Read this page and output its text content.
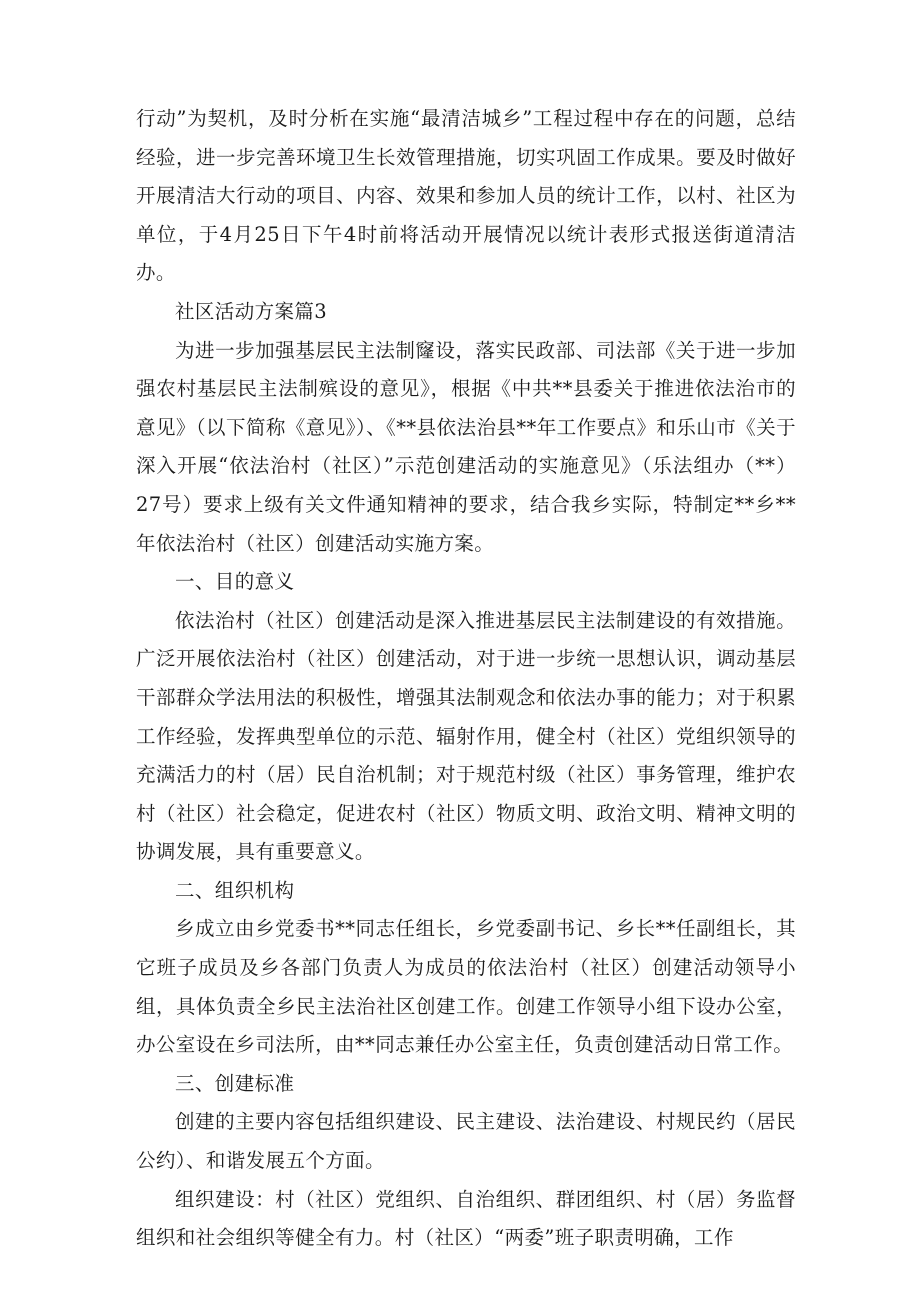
行动”为契机，及时分析在实施“最清洁城乡”工程过程中存在的问题，总结经验，进一步完善环境卫生长效管理措施，切实巩固工作成果。要及时做好开展清洁大行动的项目、内容、效果和参加人员的统计工作，以村、社区为单位，于4月25日下午4时前将活动开展情况以统计表形式报送街道清洁办。

社区活动方案篇3

为进一步加强基层民主法制窿设，落实民政部、司法部《关于进一步加强农村基层民主法制殡设的意见》，根据《中共**县委关于推进依法治市的意见》（以下简称《意见》）、《**县依法治县**年工作要点》和乐山市《关于深入开展“依法治村（社区）”示范创建活动的实施意见》（乐法组办（**）27号）要求上级有关文件通知精神的要求，结合我乡实际，特制定**乡**年依法治村（社区）创建活动实施方案。

一、目的意义

依法治村（社区）创建活动是深入推进基层民主法制建设的有效措施。广泛开展依法治村（社区）创建活动，对于进一步统一思想认识，调动基层干部群众学法用法的积极性，增强其法制观念和依法办事的能力；对于积累工作经验，发挥典型单位的示范、辐射作用，健全村（社区）党组织领导的充满活力的村（居）民自治机制；对于规范村级（社区）事务管理，维护农村（社区）社会稳定，促进农村（社区）物质文明、政治文明、精神文明的协调发展，具有重要意义。

二、组织机构

乡成立由乡党委书**同志任组长，乡党委副书记、乡长**任副组长，其它班子成员及乡各部门负责人为成员的依法治村（社区）创建活动领导小组，具体负责全乡民主法治社区创建工作。创建工作领导小组下设办公室，办公室设在乡司法所，由**同志兼任办公室主任，负责创建活动日常工作。

三、创建标准

创建的主要内容包括组织建设、民主建设、法治建设、村规民约（居民公约）、和谐发展五个方面。

组织建设：村（社区）党组织、自治组织、群团组织、村（居）务监督组织和社会组织等健全有力。村（社区）“两委”班子职责明确，工作
